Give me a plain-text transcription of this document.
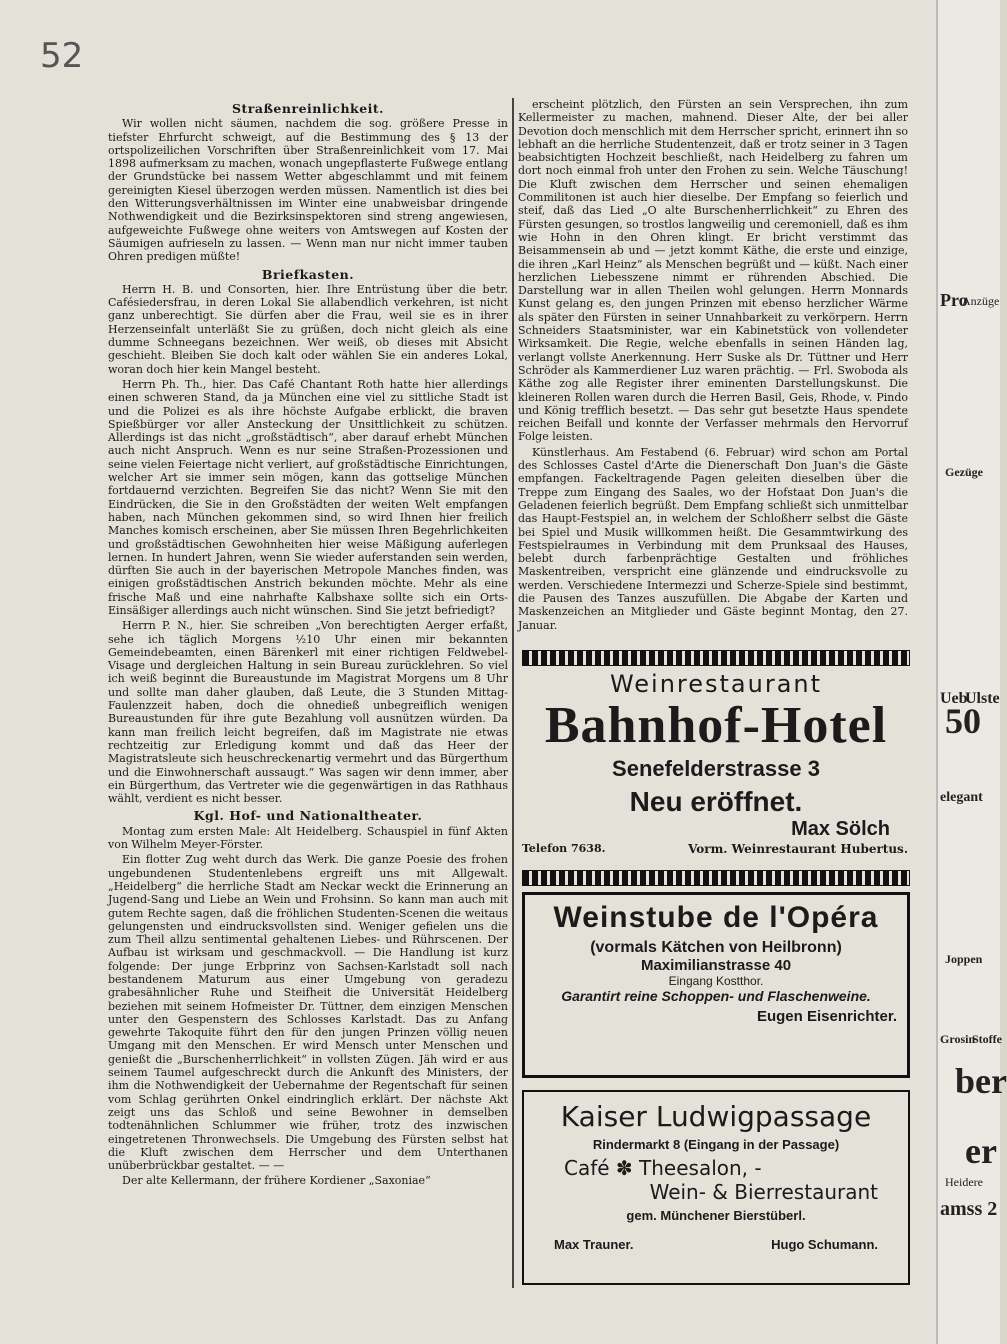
52
Straßenreinlichkeit.

Wir wollen nicht säumen, nachdem die sog. größere Presse in tiefster Ehrfurcht schweigt, auf die Bestimmung des § 13 der ortspolizeilichen Vorschriften über Straßenreinlichkeit vom 17. Mai 1898 aufmerksam zu machen, wonach ungepflasterte Fußwege entlang der Grundstücke bei nassem Wetter abgeschlammt und mit feinem gereinigten Kiesel überzogen werden müssen. Namentlich ist dies bei den Witterungsverhältnissen im Winter eine unabweisbar dringende Nothwendigkeit und die Bezirksinspektoren sind streng angewiesen, aufgeweichte Fußwege ohne weiters von Amtswegen auf Kosten der Säumigen aufrieseln zu lassen. — Wenn man nur nicht immer tauben Ohren predigen müßte!

Briefkasten.

Herrn H. B. und Consorten, hier. Ihre Entrüstung über die betr. Cafésiedersfrau, in deren Lokal Sie allabendlich verkehren, ist nicht ganz unberechtigt. Sie dürfen aber die Frau, weil sie es in ihrer Herzenseinfalt unterläßt Sie zu grüßen, doch nicht gleich als eine dumme Schneegans bezeichnen. Wer weiß, ob dieses mit Absicht geschieht. Bleiben Sie doch kalt oder wählen Sie ein anderes Lokal, woran doch hier kein Mangel besteht.

Herrn Ph. Th., hier. Das Café Chantant Roth hatte hier allerdings einen schweren Stand, da ja München eine viel zu sittliche Stadt ist und die Polizei es als ihre höchste Aufgabe erblickt, die braven Spießbürger vor aller Ansteckung der Unsittlichkeit zu schützen. Allerdings ist das nicht „großstädtisch“, aber darauf erhebt München auch nicht Anspruch. Wenn es nur seine Straßen-Prozessionen und seine vielen Feiertage nicht verliert, auf großstädtische Einrichtungen, welcher Art sie immer sein mögen, kann das gottselige München fortdauernd verzichten. Begreifen Sie das nicht? Wenn Sie mit den Eindrücken, die Sie in den Großstädten der weiten Welt empfangen haben, nach München gekommen sind, so wird Ihnen hier freilich Manches komisch erscheinen, aber Sie müssen Ihren Begehrlichkeiten und großstädtischen Gewohnheiten hier weise Mäßigung auferlegen lernen. In hundert Jahren, wenn Sie wieder auferstanden sein werden, dürften Sie auch in der bayerischen Metropole Manches finden, was einigen großstädtischen Anstrich bekunden möchte. Mehr als eine frische Maß und eine nahrhafte Kalbshaxe sollte sich ein Orts-Einsäßiger allerdings auch nicht wünschen. Sind Sie jetzt befriedigt?

Herrn P. N., hier. Sie schreiben „Von berechtigten Aerger erfaßt, sehe ich täglich Morgens ½10 Uhr einen mir bekannten Gemeindebeamten, einen Bärenkerl mit einer richtigen Feldwebel-Visage und dergleichen Haltung in sein Bureau zurücklehren. So viel ich weiß beginnt die Bureaustunde im Magistrat Morgens um 8 Uhr und sollte man daher glauben, daß Leute, die 3 Stunden Mittag-Faulenzzeit haben, doch die ohnedieß unbegreiflich wenigen Bureaustunden für ihre gute Bezahlung voll ausnützen würden. Da kann man freilich leicht begreifen, daß im Magistrate nie etwas rechtzeitig zur Erledigung kommt und daß das Heer der Magistratsleute sich heuschreckenartig vermehrt und das Bürgerthum und die Einwohnerschaft aussaugt.“ Was sagen wir denn immer, aber ein Bürgerthum, das Vertreter wie die gegenwärtigen in das Rathhaus wählt, verdient es nicht besser.

Kgl. Hof- und Nationaltheater.

Montag zum ersten Male: Alt Heidelberg. Schauspiel in fünf Akten von Wilhelm Meyer-Förster.

Ein flotter Zug weht durch das Werk. Die ganze Poesie des frohen ungebundenen Studentenlebens ergreift uns mit Allgewalt. „Heidelberg“ die herrliche Stadt am Neckar weckt die Erinnerung an Jugend-Sang und Liebe an Wein und Frohsinn. So kann man auch mit gutem Rechte sagen, daß die fröhlichen Studenten-Scenen die weitaus gelungensten und eindrucksvollsten sind. Weniger gefielen uns die zum Theil allzu sentimental gehaltenen Liebes- und Rührscenen. Der Aufbau ist wirksam und geschmackvoll. — Die Handlung ist kurz folgende: Der junge Erbprinz von Sachsen-Karlstadt soll nach bestandenem Maturum aus einer Umgebung von geradezu grabesähnlicher Ruhe und Steifheit die Universität Heidelberg beziehen mit seinem Hofmeister Dr. Tüttner, dem einzigen Menschen unter den Gespenstern des Schlosses Karlstadt. Das zu Anfang gewehrte Takoquite führt den für den jungen Prinzen völlig neuen Umgang mit den Menschen. Er wird Mensch unter Menschen und genießt die „Burschenherrlichkeit“ in vollsten Zügen. Jäh wird er aus seinem Taumel aufgeschreckt durch die Ankunft des Ministers, der ihm die Nothwendigkeit der Uebernahme der Regentschaft für seinen vom Schlag gerührten Onkel eindringlich erklärt. Der nächste Akt zeigt uns das Schloß und seine Bewohner in demselben todtenähnlichen Schlummer wie früher, trotz des inzwischen eingetretenen Thronwechsels. Die Umgebung des Fürsten selbst hat die Kluft zwischen dem Herrscher und dem Unterthanen unüberbrückbar gestaltet. — —

Der alte Kellermann, der frühere Kordiener „Saxoniae“

erscheint plötzlich, den Fürsten an sein Versprechen, ihn zum Kellermeister zu machen, mahnend. Dieser Alte, der bei aller Devotion doch menschlich mit dem Herrscher spricht, erinnert ihn so lebhaft an die herrliche Studentenzeit, daß er trotz seiner in 3 Tagen beabsichtigten Hochzeit beschließt, nach Heidelberg zu fahren um dort noch einmal froh unter den Frohen zu sein. Welche Täuschung! Die Kluft zwischen dem Herrscher und seinen ehemaligen Commilitonen ist auch hier dieselbe. Der Empfang so feierlich und steif, daß das Lied „O alte Burschenherrlichkeit“ zu Ehren des Fürsten gesungen, so trostlos langweilig und ceremoniell, daß es ihm wie Hohn in den Ohren klingt. Er bricht verstimmt das Beisammensein ab und — jetzt kommt Käthe, die erste und einzige, die ihren „Karl Heinz“ als Menschen begrüßt und — küßt. Nach einer herzlichen Liebesszene nimmt er rührenden Abschied. Die Darstellung war in allen Theilen wohl gelungen. Herrn Monnards Kunst gelang es, den jungen Prinzen mit ebenso herzlicher Wärme als später den Fürsten in seiner Unnahbarkeit zu verkörpern. Herrn Schneiders Staatsminister, war ein Kabinetstück von vollendeter Wirksamkeit. Die Regie, welche ebenfalls in seinen Händen lag, verlangt vollste Anerkennung. Herr Suske als Dr. Tüttner und Herr Schröder als Kammerdiener Luz waren prächtig. — Frl. Swoboda als Käthe zog alle Register ihrer eminenten Darstellungskunst. Die kleineren Rollen waren durch die Herren Basil, Geis, Rhode, v. Pindo und König trefflich besetzt. — Das sehr gut besetzte Haus spendete reichen Beifall und konnte der Verfasser mehrmals den Hervorruf Folge leisten.

Künstlerhaus. Am Festabend (6. Februar) wird schon am Portal des Schlosses Castel d'Arte die Dienerschaft Don Juan's die Gäste empfangen. Fackeltragende Pagen geleiten dieselben über die Treppe zum Eingang des Saales, wo der Hofstaat Don Juan's die Geladenen feierlich begrüßt. Dem Empfang schließt sich unmittelbar das Haupt-Festspiel an, in welchem der Schloßherr selbst die Gäste bei Spiel und Musik willkommen heißt. Die Gesammtwirkung des Festspielraumes in Verbindung mit dem Prunksaal des Hauses, belebt durch farbenprächtige Gestalten und fröhliches Maskentreiben, verspricht eine glänzende und eindrucksvolle zu werden. Verschiedene Intermezzi und Scherze-Spiele sind bestimmt, die Pausen des Tanzes auszufüllen. Die Abgabe der Karten und Maskenzeichen an Mitglieder und Gäste beginnt Montag, den 27. Januar.

Weinrestaurant
Bahnhof-Hotel
Senefelderstrasse 3
Neu eröffnet.
Max Sölch
Telefon 7638.	Vorm. Weinrestaurant Hubertus.
Weinstube de l'Opéra
(vormals Kätchen von Heilbronn)
Maximilianstrasse 40
Eingang Kostthor.
Garantirt reine Schoppen- und Flaschenweine.
Eugen Eisenrichter.
Kaiser Ludwigpassage
Rindermarkt 8 (Eingang in der Passage)
Café ✽ Theesalon, ‑
Wein- & Bierrestaurant
gem. Münchener Bierstüberl.
Max Trauner.	Hugo Schumann.
Pro
Anzüge
Gezüge
Ueb
Ulste
50
elegant
Joppen
Grosin
Stoffe
ber
er
Heidere
amss 2
